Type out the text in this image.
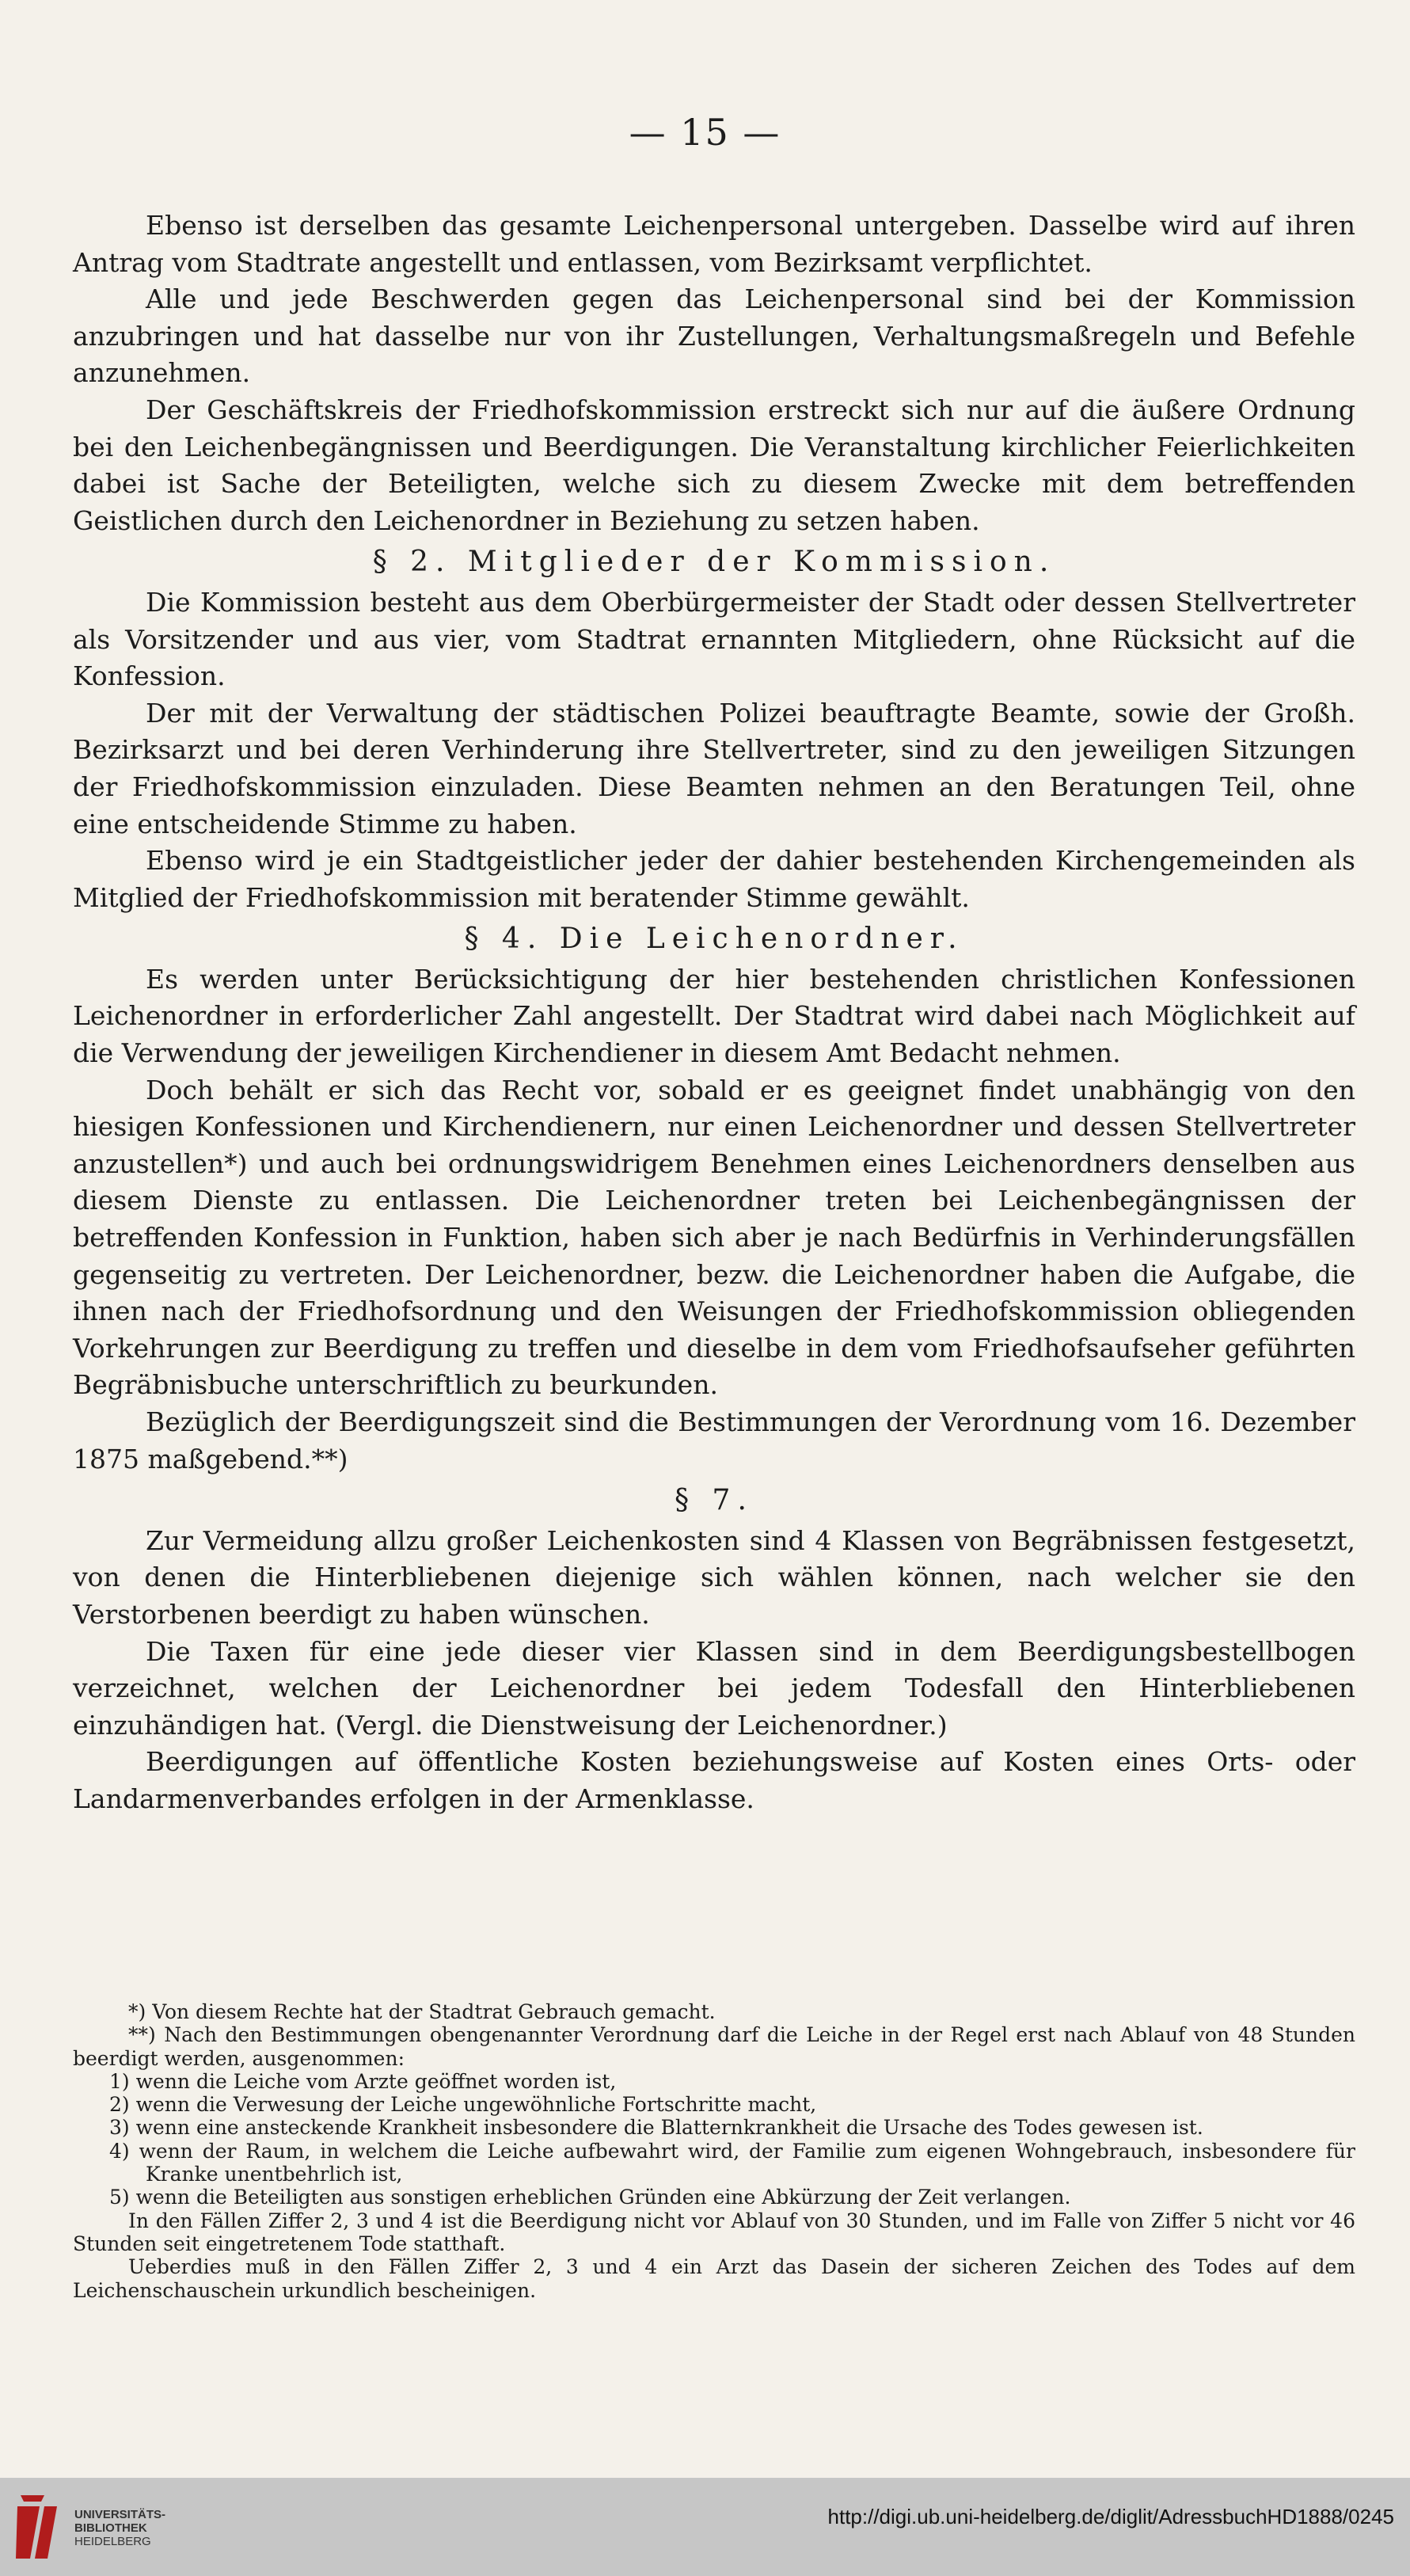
— 15 —

Ebenso ist derselben das gesamte Leichenpersonal untergeben. Dasselbe wird auf ihren Antrag vom Stadtrate angestellt und entlassen, vom Bezirksamt verpflichtet.

Alle und jede Beschwerden gegen das Leichenpersonal sind bei der Kommission anzubringen und hat dasselbe nur von ihr Zustellungen, Verhaltungsmaßregeln und Befehle anzunehmen.

Der Geschäftskreis der Friedhofskommission erstreckt sich nur auf die äußere Ordnung bei den Leichenbegängnissen und Beerdigungen. Die Veranstaltung kirchlicher Feierlichkeiten dabei ist Sache der Beteiligten, welche sich zu diesem Zwecke mit dem betreffenden Geistlichen durch den Leichenordner in Beziehung zu setzen haben.

§ 2. Mitglieder der Kommission.

Die Kommission besteht aus dem Oberbürgermeister der Stadt oder dessen Stellvertreter als Vorsitzender und aus vier, vom Stadtrat ernannten Mitgliedern, ohne Rücksicht auf die Konfession.

Der mit der Verwaltung der städtischen Polizei beauftragte Beamte, sowie der Großh. Bezirksarzt und bei deren Verhinderung ihre Stellvertreter, sind zu den jeweiligen Sitzungen der Friedhofskommission einzuladen. Diese Beamten nehmen an den Beratungen Teil, ohne eine entscheidende Stimme zu haben.

Ebenso wird je ein Stadtgeistlicher jeder der dahier bestehenden Kirchengemeinden als Mitglied der Friedhofskommission mit beratender Stimme gewählt.

§ 4. Die Leichenordner.

Es werden unter Berücksichtigung der hier bestehenden christlichen Konfessionen Leichenordner in erforderlicher Zahl angestellt. Der Stadtrat wird dabei nach Möglichkeit auf die Verwendung der jeweiligen Kirchendiener in diesem Amt Bedacht nehmen.

Doch behält er sich das Recht vor, sobald er es geeignet findet unabhängig von den hiesigen Konfessionen und Kirchendienern, nur einen Leichenordner und dessen Stellvertreter anzustellen*) und auch bei ordnungswidrigem Benehmen eines Leichenordners denselben aus diesem Dienste zu entlassen. Die Leichenordner treten bei Leichenbegängnissen der betreffenden Konfession in Funktion, haben sich aber je nach Bedürfnis in Verhinderungsfällen gegenseitig zu vertreten. Der Leichenordner, bezw. die Leichenordner haben die Aufgabe, die ihnen nach der Friedhofsordnung und den Weisungen der Friedhofskommission obliegenden Vorkehrungen zur Beerdigung zu treffen und dieselbe in dem vom Friedhofsaufseher geführten Begräbnisbuche unterschriftlich zu beurkunden.

Bezüglich der Beerdigungszeit sind die Bestimmungen der Verordnung vom 16. Dezember 1875 maßgebend.**)

§ 7.

Zur Vermeidung allzu großer Leichenkosten sind 4 Klassen von Begräbnissen festgesetzt, von denen die Hinterbliebenen diejenige sich wählen können, nach welcher sie den Verstorbenen beerdigt zu haben wünschen.

Die Taxen für eine jede dieser vier Klassen sind in dem Beerdigungsbestellbogen verzeichnet, welchen der Leichenordner bei jedem Todesfall den Hinterbliebenen einzuhändigen hat. (Vergl. die Dienstweisung der Leichenordner.)

Beerdigungen auf öffentliche Kosten beziehungsweise auf Kosten eines Orts- oder Landarmenverbandes erfolgen in der Armenklasse.

*) Von diesem Rechte hat der Stadtrat Gebrauch gemacht.

**) Nach den Bestimmungen obengenannter Verordnung darf die Leiche in der Regel erst nach Ablauf von 48 Stunden beerdigt werden, ausgenommen:

1) wenn die Leiche vom Arzte geöffnet worden ist,

2) wenn die Verwesung der Leiche ungewöhnliche Fortschritte macht,

3) wenn eine ansteckende Krankheit insbesondere die Blatternkrankheit die Ursache des Todes gewesen ist.

4) wenn der Raum, in welchem die Leiche aufbewahrt wird, der Familie zum eigenen Wohngebrauch, insbesondere für Kranke unentbehrlich ist,

5) wenn die Beteiligten aus sonstigen erheblichen Gründen eine Abkürzung der Zeit verlangen.

In den Fällen Ziffer 2, 3 und 4 ist die Beerdigung nicht vor Ablauf von 30 Stunden, und im Falle von Ziffer 5 nicht vor 46 Stunden seit eingetretenem Tode statthaft.

Ueberdies muß in den Fällen Ziffer 2, 3 und 4 ein Arzt das Dasein der sicheren Zeichen des Todes auf dem Leichenschauschein urkundlich bescheinigen.

UNIVERSITÄTS-
BIBLIOTHEK
HEIDELBERG
http://digi.ub.uni-heidelberg.de/diglit/AdressbuchHD1888/0245
